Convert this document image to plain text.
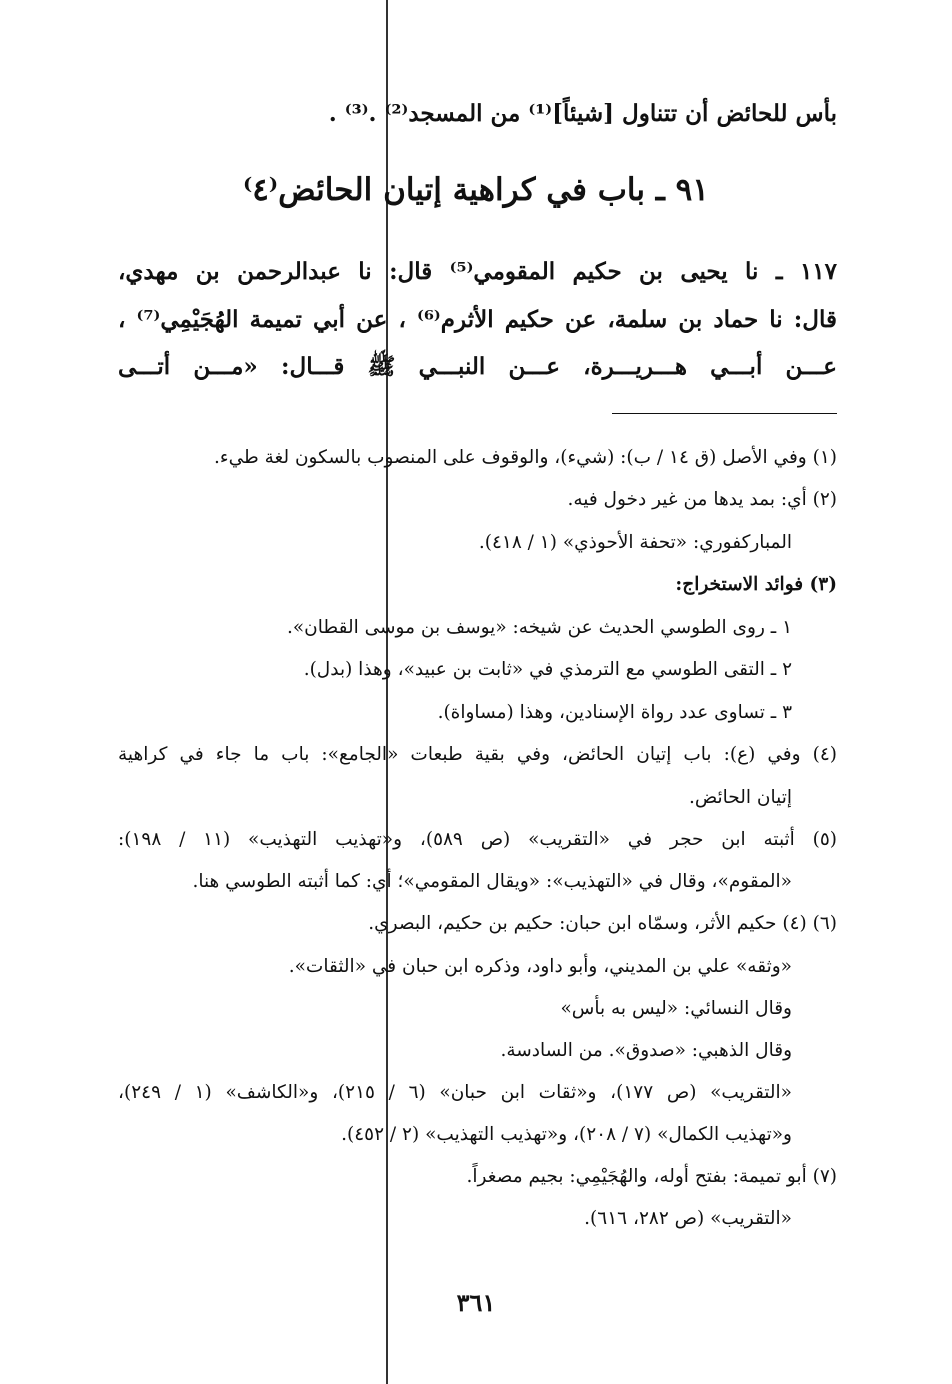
بأس للحائض أن تتناول [شيئاً]⁽¹⁾ من المسجد⁽²⁾ .⁽³⁾ .
٩١ ـ باب في كراهية إتيان الحائض⁽٤⁾
١١٧ ـ نا يحيى بن حكيم المقومي⁽⁵⁾ قال: نا عبدالرحمن بن مهدي،
قال: نا حماد بن سلمة، عن حكيم الأثرم⁽⁶⁾ ، عن أبي تميمة الهُجَيْمِي⁽⁷⁾ ،
عـــن أبـــي هـــريـــرة، عـــن النبـــي ﷺ قـــال: «مـــن أتـــى
(١) وفي الأصل (ق ١٤ / ب): (شيء)، والوقوف على المنصوب بالسكون لغة طيء.
(٢) أي: بمد يدها من غير دخول فيه.
المباركفوري: «تحفة الأحوذي» (١ / ٤١٨).
(٣) فوائد الاستخراج:
١ ـ روى الطوسي الحديث عن شيخه: «يوسف بن موسى القطان».
٢ ـ التقى الطوسي مع الترمذي في «ثابت بن عبيد»، وهذا (بدل).
٣ ـ تساوى عدد رواة الإسنادين، وهذا (مساواة).
(٤) وفي (ع): باب إتيان الحائض، وفي بقية طبعات «الجامع»: باب ما جاء في كراهية
إتيان الحائض.
(٥) أثبته ابن حجر في «التقريب» (ص ٥٨٩)، و«تهذيب التهذيب» (١١ / ١٩٨):
«المقوم»، وقال في «التهذيب»: «ويقال المقومي»؛ أي: كما أثبته الطوسي هنا.
(٦) (٤) حكيم الأثر، وسمّاه ابن حبان: حكيم بن حكيم، البصري.
«وثقه» علي بن المديني، وأبو داود، وذكره ابن حبان في «الثقات».
وقال النسائي: «ليس به بأس»
وقال الذهبي: «صدوق». من السادسة.
«التقريب» (ص ١٧٧)، و«ثقات ابن حبان» (٦ / ٢١٥)، و«الكاشف» (١ / ٢٤٩)،
و«تهذيب الكمال» (٧ / ٢٠٨)، و«تهذيب التهذيب» (٢ / ٤٥٢).
(٧) أبو تميمة: بفتح أوله، والهُجَيْمِي: بجيم مصغراً.
«التقريب» (ص ٢٨٢، ٦١٦).
٣٦١
